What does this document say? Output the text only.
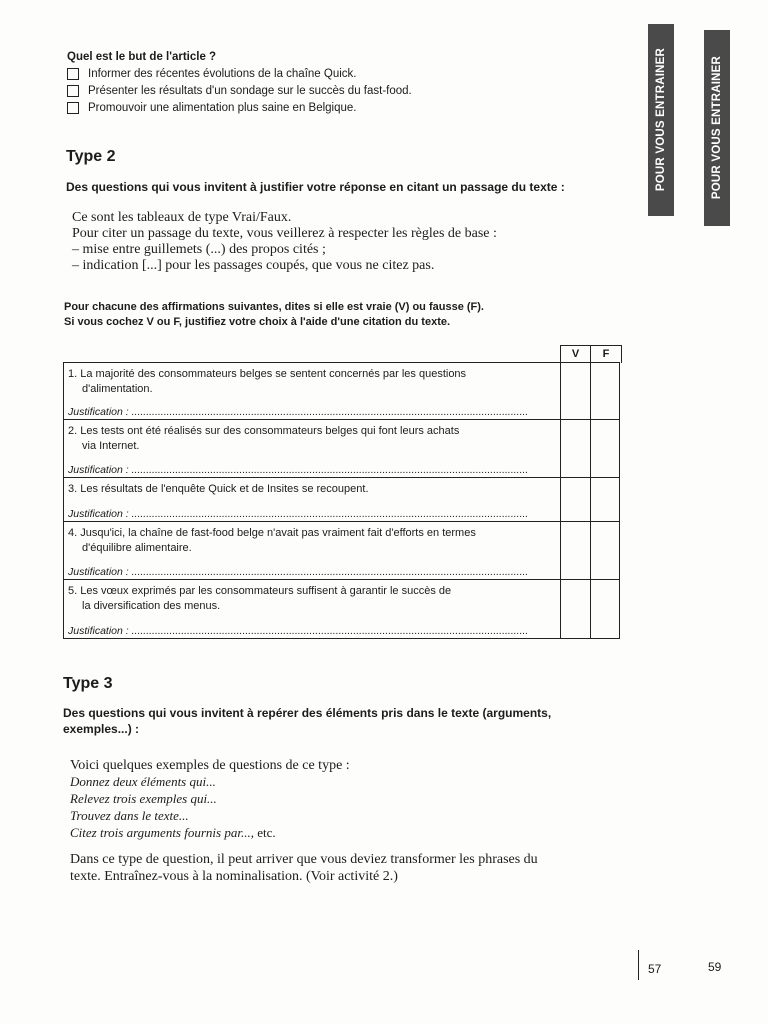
Quel est le but de l'article ?
Informer des récentes évolutions de la chaîne Quick.
Présenter les résultats d'un sondage sur le succès du fast-food.
Promouvoir une alimentation plus saine en Belgique.
Type 2
Des questions qui vous invitent à justifier votre réponse en citant un passage du texte :
Ce sont les tableaux de type Vrai/Faux.
Pour citer un passage du texte, vous veillerez à respecter les règles de base :
– mise entre guillemets (...) des propos cités ;
– indication [...] pour les passages coupés, que vous ne citez pas.
Pour chacune des affirmations suivantes, dites si elle est vraie (V) ou fausse (F).
Si vous cochez V ou F, justifiez votre choix à l'aide d'une citation du texte.
V	F
1. La majorité des consommateurs belges se sentent concernés par les questions
d'alimentation.
Justification : ........................................................................................................................................
2. Les tests ont été réalisés sur des consommateurs belges qui font leurs achats
via Internet.
Justification : ........................................................................................................................................
3. Les résultats de l'enquête Quick et de Insites se recoupent.
Justification : ........................................................................................................................................
4. Jusqu'ici, la chaîne de fast-food belge n'avait pas vraiment fait d'efforts en termes
d'équilibre alimentaire.
Justification : ........................................................................................................................................
5. Les vœux exprimés par les consommateurs suffisent à garantir le succès de
la diversification des menus.
Justification : ........................................................................................................................................
Type 3
Des questions qui vous invitent à repérer des éléments pris dans le texte (arguments,
exemples...) :
Voici quelques exemples de questions de ce type :
Donnez deux éléments qui...
Relevez trois exemples qui...
Trouvez dans le texte...
Citez trois arguments fournis par..., etc.
Dans ce type de question, il peut arriver que vous deviez transformer les phrases du
texte. Entraînez-vous à la nominalisation. (Voir activité 2.)
POUR VOUS ENTRAINER	POUR VOUS ENTRAINER
57	59
